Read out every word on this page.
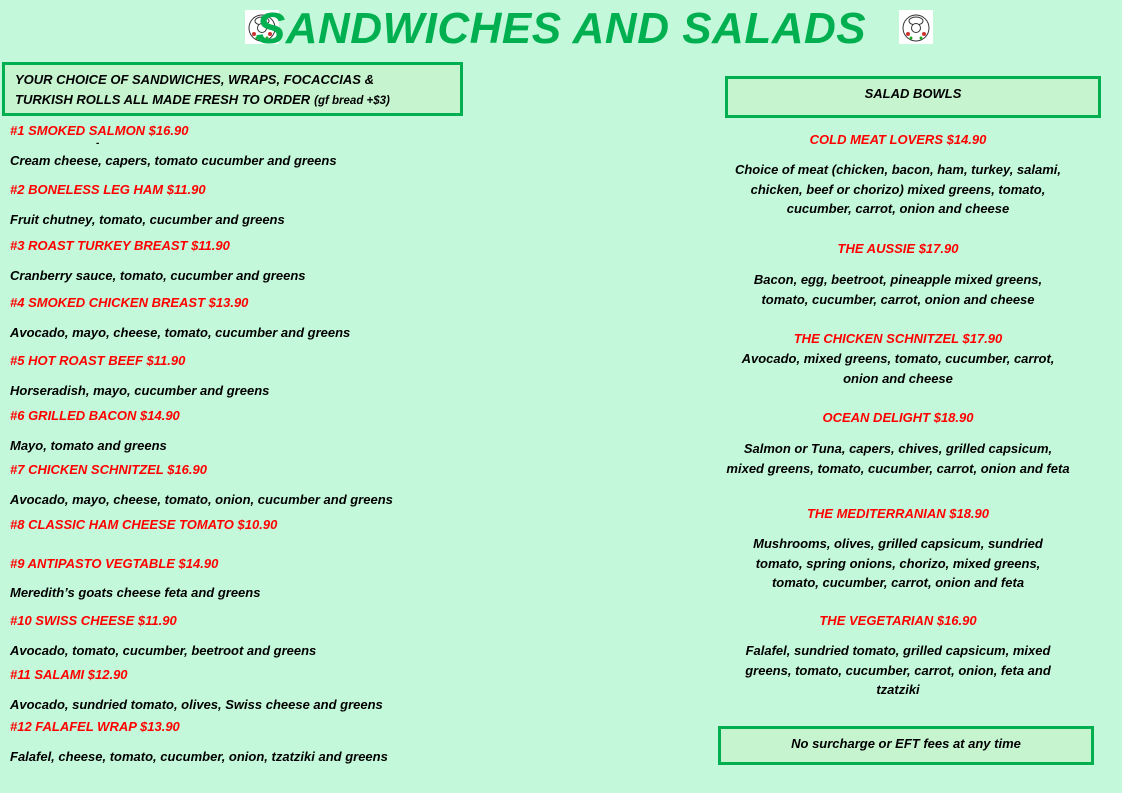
SANDWICHES AND SALADS
YOUR CHOICE OF SANDWICHES, WRAPS, FOCACCIAS &
TURKISH ROLLS ALL MADE FRESH TO ORDER (gf bread +$3)
#1 SMOKED SALMON $16.90
-
Cream cheese, capers, tomato cucumber and greens
#2 BONELESS LEG HAM $11.90
Fruit chutney, tomato, cucumber and greens
#3 ROAST TURKEY BREAST $11.90
Cranberry sauce, tomato, cucumber and greens
#4 SMOKED CHICKEN BREAST $13.90
Avocado, mayo, cheese, tomato, cucumber and greens
#5 HOT ROAST BEEF $11.90
Horseradish, mayo, cucumber and greens
#6 GRILLED BACON $14.90
Mayo, tomato and greens
#7 CHICKEN SCHNITZEL $16.90
Avocado, mayo, cheese, tomato, onion, cucumber and greens
#8 CLASSIC HAM CHEESE TOMATO $10.90
#9 ANTIPASTO VEGTABLE $14.90
Meredith’s goats cheese feta and greens
#10 SWISS CHEESE $11.90
Avocado, tomato, cucumber, beetroot and greens
#11 SALAMI $12.90
Avocado, sundried tomato, olives, Swiss cheese and greens
#12 FALAFEL WRAP $13.90
Falafel, cheese, tomato, cucumber, onion, tzatziki and greens
SALAD BOWLS
COLD MEAT LOVERS $14.90
Choice of meat (chicken, bacon, ham, turkey, salami, chicken, beef or chorizo) mixed greens, tomato, cucumber, carrot, onion and cheese
THE AUSSIE $17.90
Bacon, egg, beetroot, pineapple mixed greens, tomato, cucumber, carrot, onion and cheese
THE CHICKEN SCHNITZEL $17.90
Avocado, mixed greens, tomato, cucumber, carrot, onion and cheese
OCEAN DELIGHT $18.90
Salmon or Tuna, capers, chives, grilled capsicum, mixed greens, tomato, cucumber, carrot, onion and feta
THE MEDITERRANIAN $18.90
Mushrooms, olives, grilled capsicum, sundried tomato, spring onions, chorizo, mixed greens, tomato, cucumber, carrot, onion and feta
THE VEGETARIAN $16.90
Falafel, sundried tomato, grilled capsicum, mixed greens, tomato, cucumber, carrot, onion, feta and tzatziki
No surcharge or EFT fees at any time
